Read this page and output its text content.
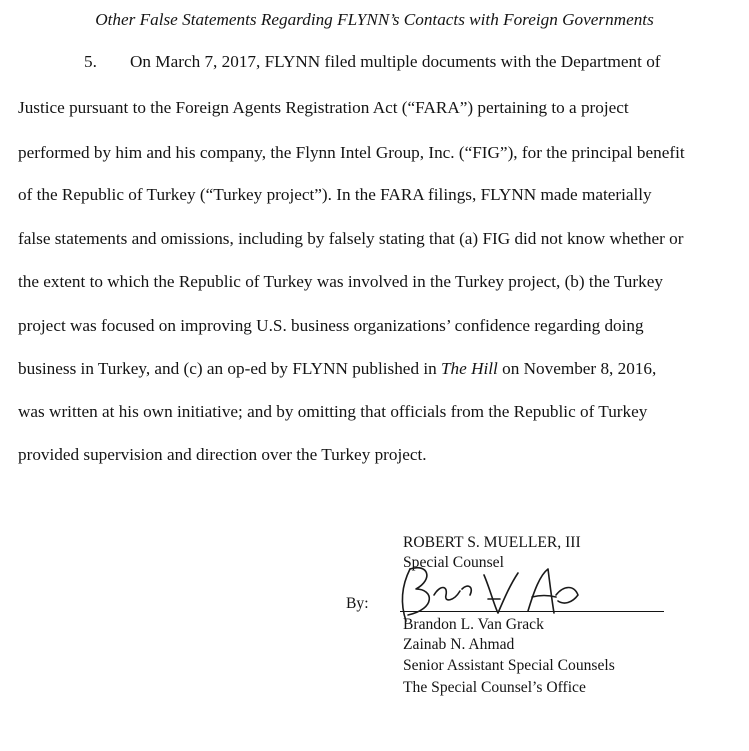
Other False Statements Regarding FLYNN’s Contacts with Foreign Governments
5. On March 7, 2017, FLYNN filed multiple documents with the Department of

Justice pursuant to the Foreign Agents Registration Act (“FARA”) pertaining to a project

performed by him and his company, the Flynn Intel Group, Inc. (“FIG”), for the principal benefit

of the Republic of Turkey (“Turkey project”). In the FARA filings, FLYNN made materially

false statements and omissions, including by falsely stating that (a) FIG did not know whether or

the extent to which the Republic of Turkey was involved in the Turkey project, (b) the Turkey

project was focused on improving U.S. business organizations’ confidence regarding doing

business in Turkey, and (c) an op-ed by FLYNN published in The Hill on November 8, 2016,

was written at his own initiative; and by omitting that officials from the Republic of Turkey

provided supervision and direction over the Turkey project.

ROBERT S. MUELLER, III
Special Counsel
Brandon L. Van Grack
Zainab N. Ahmad
Senior Assistant Special Counsels
The Special Counsel’s Office
By:
